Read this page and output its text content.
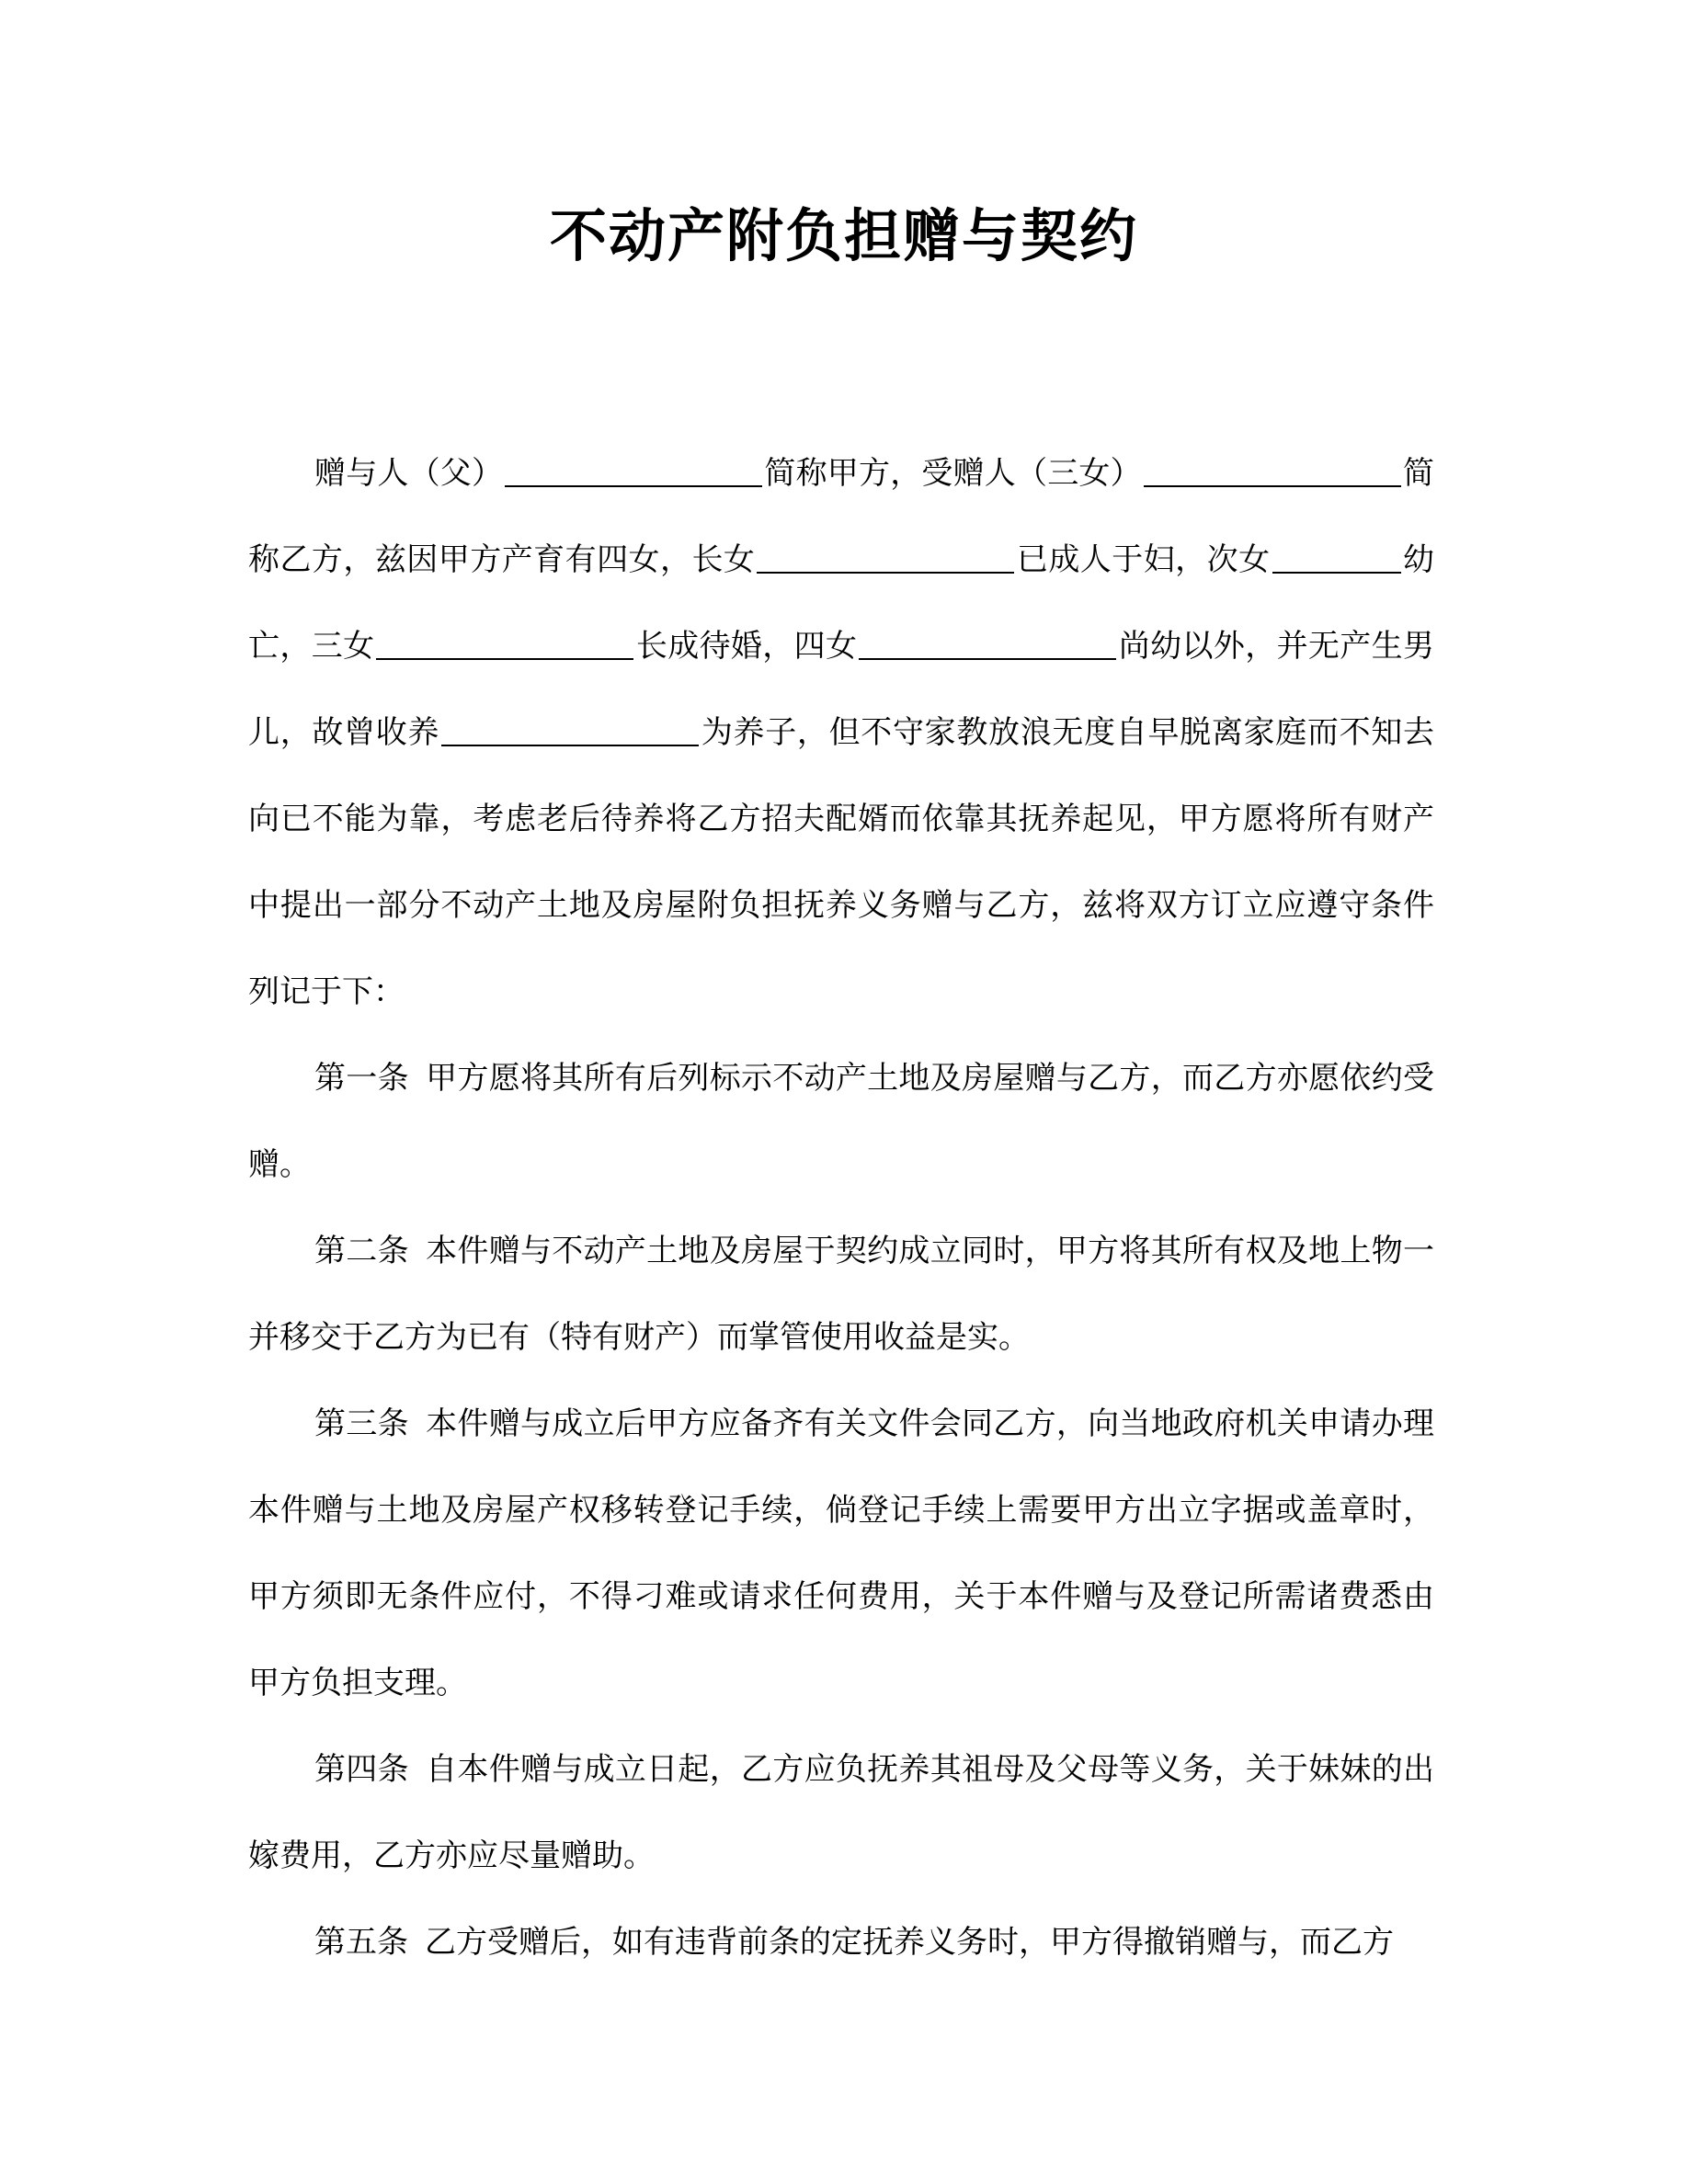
不动产附负担赠与契约

赠与人（父）	简称甲方，受赠人（三女）	简称乙方，兹因甲方产育有四女，长女	已成人于妇，次女	幼亡，三女	长成待婚，四女	尚幼以外，并无产生男儿，故曾收养	为养子，但不守家教放浪无度自早脱离家庭而不知去向已不能为靠，考虑老后待养将乙方招夫配婿而依靠其抚养起见，甲方愿将所有财产中提出一部分不动产土地及房屋附负担抚养义务赠与乙方，兹将双方订立应遵守条件列记于下：

第一条 甲方愿将其所有后列标示不动产土地及房屋赠与乙方，而乙方亦愿依约受赠。

第二条 本件赠与不动产土地及房屋于契约成立同时，甲方将其所有权及地上物一并移交于乙方为已有（特有财产）而掌管使用收益是实。

第三条 本件赠与成立后甲方应备齐有关文件会同乙方，向当地政府机关申请办理本件赠与土地及房屋产权移转登记手续，倘登记手续上需要甲方出立字据或盖章时，甲方须即无条件应付，不得刁难或请求任何费用，关于本件赠与及登记所需诸费悉由甲方负担支理。

第四条 自本件赠与成立日起，乙方应负抚养其祖母及父母等义务，关于妹妹的出嫁费用，乙方亦应尽量赠助。

第五条 乙方受赠后，如有违背前条的定抚养义务时，甲方得撤销赠与，而乙方
